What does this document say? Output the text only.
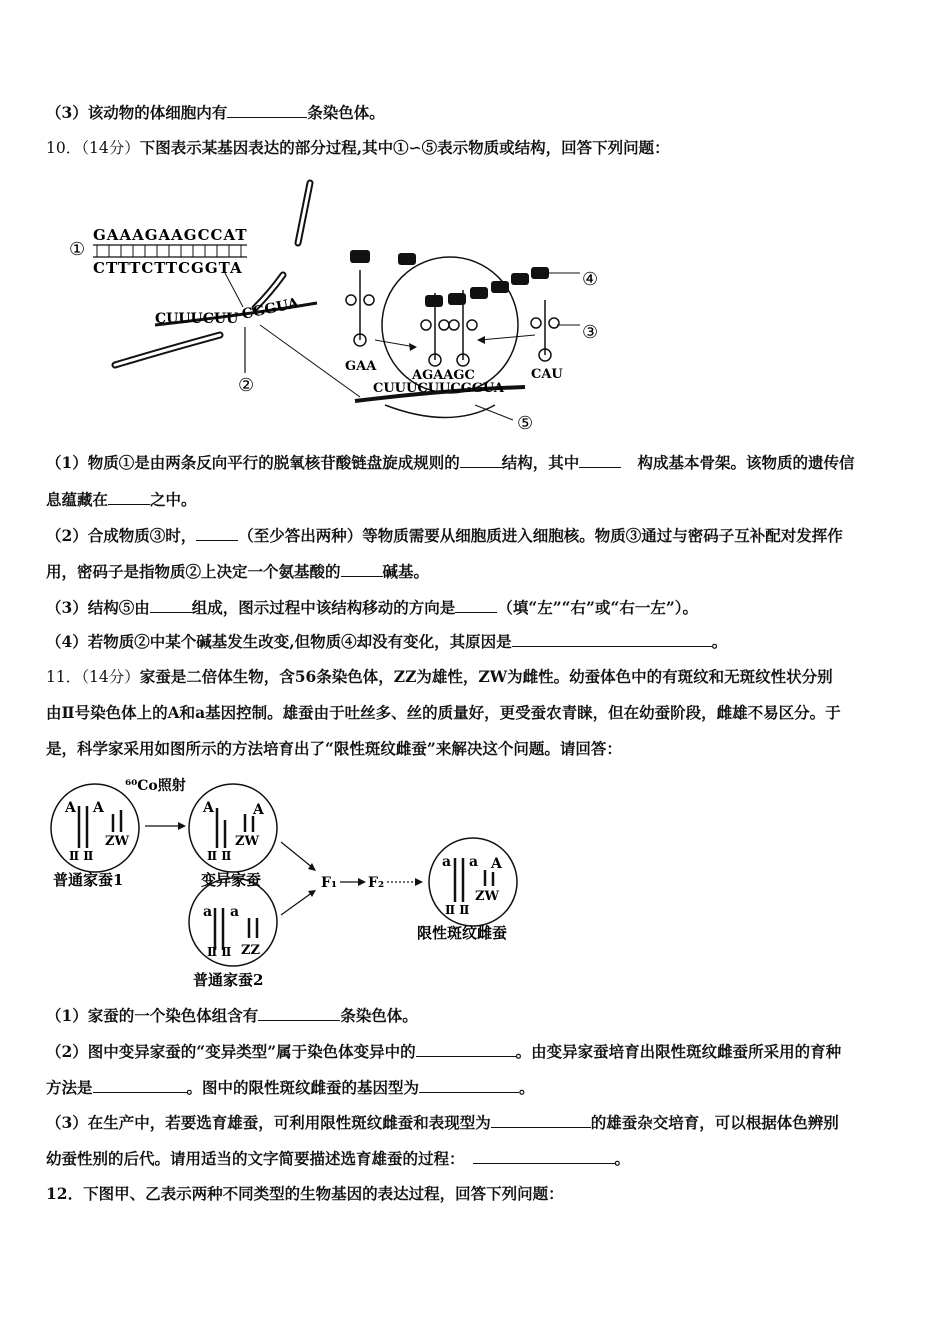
（3）该动物的体细胞内有	条染色体。
10．（14分）下图表示某基因表达的部分过程,其中①∽⑤表示物质或结构，回答下列问题：
①
GAAAGAAGCCAT
CTTTCTTCGGTA
CUUUCUU CGGUA
②	CUUUCUUCGGUA
⑤
GAA
AGAAGC	CAU
④
③
（1）物质①是由两条反向平行的脱氧核苷酸链盘旋成规则的	结构，其中	构成基本骨架。该物质的遗传信
息蕴藏在	之中。
（2）合成物质③时，	（至少答出两种）等物质需要从细胞质进入细胞核。物质③通过与密码子互补配对发挥作
用，密码子是指物质②上决定一个氨基酸的	碱基。
（3）结构⑤由	组成，图示过程中该结构移动的方向是	（填“左”“右”或“右一左”）。
（4）若物质②中某个碱基发生改变,但物质④却没有变化，其原因是	。
11．（14分）家蚕是二倍体生物，含56条染色体，ZZ为雄性，ZW为雌性。幼蚕体色中的有斑纹和无斑纹性状分别
由Ⅱ号染色体上的A和a基因控制。雄蚕由于吐丝多、丝的质量好，更受蚕农青睐，但在幼蚕阶段，雌雄不易区分。于
是，科学家采用如图所示的方法培育出了“限性斑纹雌蚕”来解决这个问题。请回答：
A A
ZW
Ⅱ Ⅱ
普通家蚕1
⁶⁰Co照射
A	A
ZW
Ⅱ Ⅱ
变异家蚕
a a
ZZ
Ⅱ Ⅱ
普通家蚕2
F₁ F₂
a a A
ZW
Ⅱ Ⅱ
限性斑纹雌蚕
（1）家蚕的一个染色体组含有	条染色体。
（2）图中变异家蚕的“变异类型”属于染色体变异中的	。由变异家蚕培育出限性斑纹雌蚕所采用的育种
方法是	。图中的限性斑纹雌蚕的基因型为	。
（3）在生产中，若要选育雄蚕，可利用限性斑纹雌蚕和表现型为	的雄蚕杂交培育，可以根据体色辨别
幼蚕性别的后代。请用适当的文字简要描述选育雄蚕的过程：	。
12．下图甲、乙表示两种不同类型的生物基因的表达过程，回答下列问题：
